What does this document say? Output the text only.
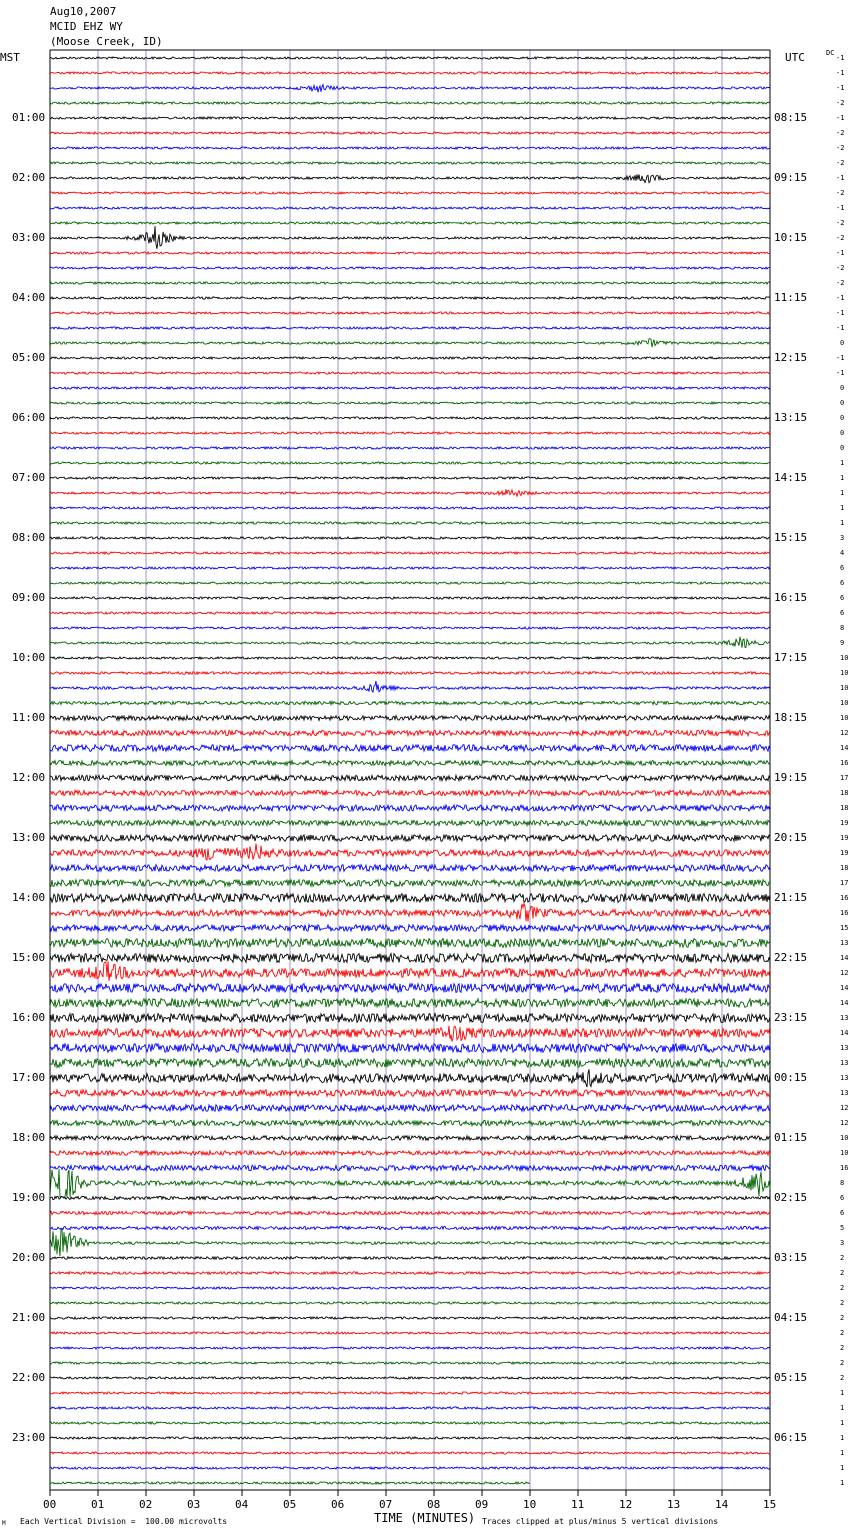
Aug10,2007
MCID EHZ WY
(Moose Creek, ID)
MST	UTC	DC
01:00
02:00
03:00
04:00
05:00
06:00
07:00
08:00
09:00
10:00
11:00
12:00
13:00
14:00
15:00
16:00
17:00
18:00
19:00
20:00
21:00
22:00
23:00
08:15
09:15
10:15
11:15
12:15
13:15
14:15
15:15
16:15
17:15
18:15
19:15
20:15
21:15
22:15
23:15
00:15
01:15
02:15
03:15
04:15
05:15
06:15
-1
-1
-1
-2
-1
-2
-2
-2
-1
-2
-1
-2
-2
-1
-2
-2
-1
-1
-1
0
-1
-1
0
0
0
0
0
1
1
1
1
1
3
4
6
6
6
6
8
9
10
10
10
10
10
12
14
16
17
18
18
19
19
19
18
17
16
16
15
13
14
12
14
14
13
14
13
13
13
13
12
12
10
10
16
8
6
6
5
3
2
2
2
2
2
2
2
2
2
1
1
1
1
1
1
1
00	01	02	03	04	05	06	07	08	09	10	11	12	13	14	15
TIME (MINUTES)
Each Vertical Division =  100.00 microvolts	Traces clipped at plus/minus 5 vertical divisions
M
